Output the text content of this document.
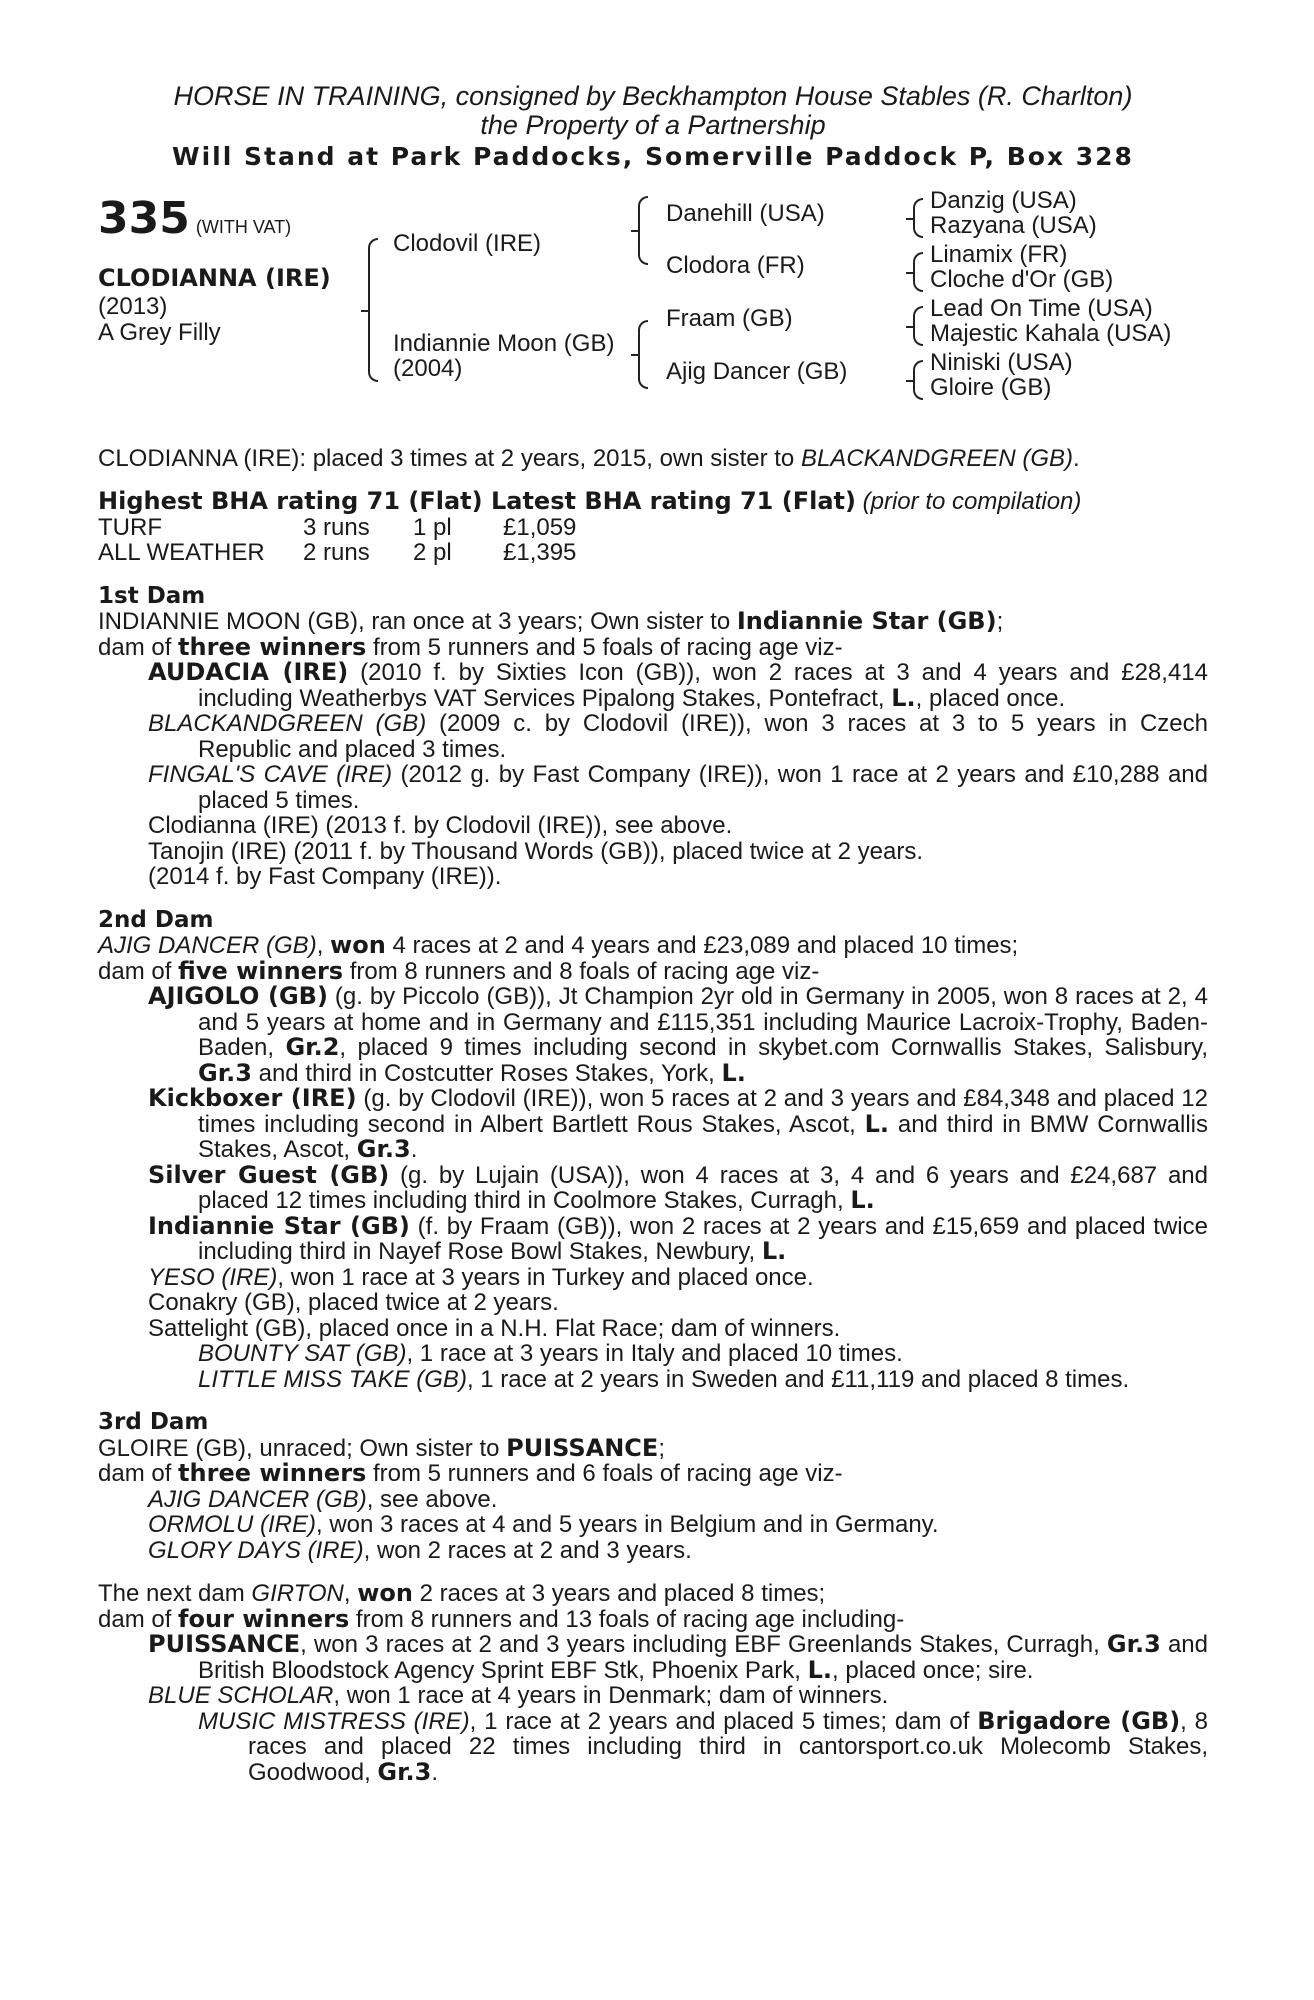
HORSE IN TRAINING, consigned by Beckhampton House Stables (R. Charlton)
the Property of a Partnership
Will Stand at Park Paddocks, Somerville Paddock P, Box 328
335 (WITH VAT)
CLODIANNA (IRE)
(2013)
A Grey Filly
Clodovil (IRE)
Indiannie Moon (GB)
(2004)
Danehill (USA)
Clodora (FR)
Fraam (GB)
Ajig Dancer (GB)
Danzig (USA)
Razyana (USA)
Linamix (FR)
Cloche d'Or (GB)
Lead On Time (USA)
Majestic Kahala (USA)
Niniski (USA)
Gloire (GB)
CLODIANNA (IRE): placed 3 times at 2 years, 2015, own sister to BLACKANDGREEN (GB).
Highest BHA rating 71 (Flat) Latest BHA rating 71 (Flat) (prior to compilation)
TURF	3 runs	1 pl	£1,059
ALL WEATHER	2 runs	2 pl	£1,395
1st Dam
INDIANNIE MOON (GB), ran once at 3 years; Own sister to Indiannie Star (GB);
dam of three winners from 5 runners and 5 foals of racing age viz-
AUDACIA (IRE) (2010 f. by Sixties Icon (GB)), won 2 races at 3 and 4 years and £28,414 including Weatherbys VAT Services Pipalong Stakes, Pontefract, L., placed once.
BLACKANDGREEN (GB) (2009 c. by Clodovil (IRE)), won 3 races at 3 to 5 years in Czech Republic and placed 3 times.
FINGAL'S CAVE (IRE) (2012 g. by Fast Company (IRE)), won 1 race at 2 years and £10,288 and placed 5 times.
Clodianna (IRE) (2013 f. by Clodovil (IRE)), see above.
Tanojin (IRE) (2011 f. by Thousand Words (GB)), placed twice at 2 years.
(2014 f. by Fast Company (IRE)).
2nd Dam
AJIG DANCER (GB), won 4 races at 2 and 4 years and £23,089 and placed 10 times;
dam of five winners from 8 runners and 8 foals of racing age viz-
AJIGOLO (GB) (g. by Piccolo (GB)), Jt Champion 2yr old in Germany in 2005, won 8 races at 2, 4 and 5 years at home and in Germany and £115,351 including Maurice Lacroix-Trophy, Baden-Baden, Gr.2, placed 9 times including second in skybet.com Cornwallis Stakes, Salisbury, Gr.3 and third in Costcutter Roses Stakes, York, L.
Kickboxer (IRE) (g. by Clodovil (IRE)), won 5 races at 2 and 3 years and £84,348 and placed 12 times including second in Albert Bartlett Rous Stakes, Ascot, L. and third in BMW Cornwallis Stakes, Ascot, Gr.3.
Silver Guest (GB) (g. by Lujain (USA)), won 4 races at 3, 4 and 6 years and £24,687 and placed 12 times including third in Coolmore Stakes, Curragh, L.
Indiannie Star (GB) (f. by Fraam (GB)), won 2 races at 2 years and £15,659 and placed twice including third in Nayef Rose Bowl Stakes, Newbury, L.
YESO (IRE), won 1 race at 3 years in Turkey and placed once.
Conakry (GB), placed twice at 2 years.
Sattelight (GB), placed once in a N.H. Flat Race; dam of winners.
BOUNTY SAT (GB), 1 race at 3 years in Italy and placed 10 times.
LITTLE MISS TAKE (GB), 1 race at 2 years in Sweden and £11,119 and placed 8 times.
3rd Dam
GLOIRE (GB), unraced; Own sister to PUISSANCE;
dam of three winners from 5 runners and 6 foals of racing age viz-
AJIG DANCER (GB), see above.
ORMOLU (IRE), won 3 races at 4 and 5 years in Belgium and in Germany.
GLORY DAYS (IRE), won 2 races at 2 and 3 years.
The next dam GIRTON, won 2 races at 3 years and placed 8 times;
dam of four winners from 8 runners and 13 foals of racing age including-
PUISSANCE, won 3 races at 2 and 3 years including EBF Greenlands Stakes, Curragh, Gr.3 and British Bloodstock Agency Sprint EBF Stk, Phoenix Park, L., placed once; sire.
BLUE SCHOLAR, won 1 race at 4 years in Denmark; dam of winners.
MUSIC MISTRESS (IRE), 1 race at 2 years and placed 5 times; dam of Brigadore (GB), 8 races and placed 22 times including third in cantorsport.co.uk Molecomb Stakes, Goodwood, Gr.3.
